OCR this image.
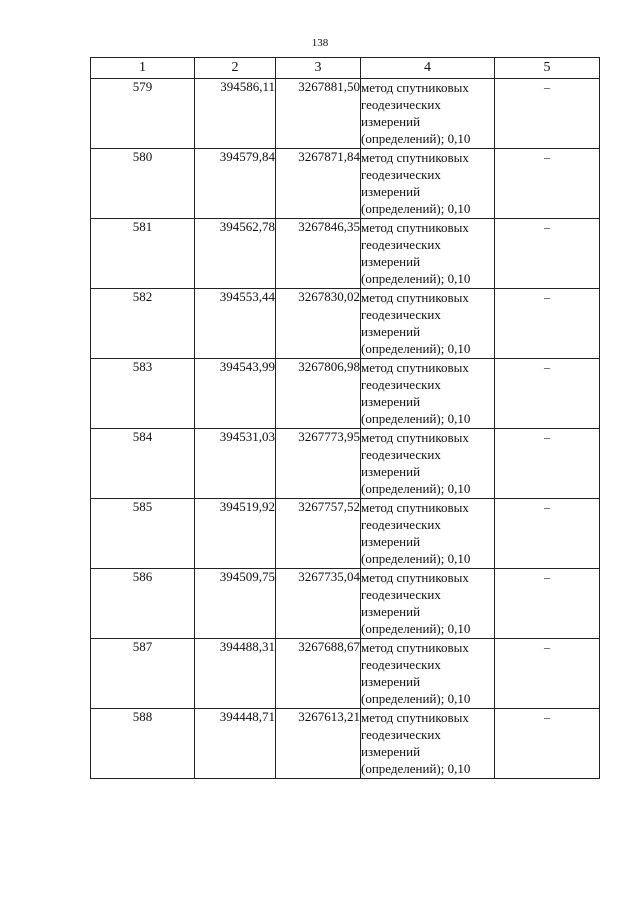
138
1	2	3	4	5
579	394586,11	3267881,50	метод спутниковых геодезических измерений (определений); 0,10	–
580	394579,84	3267871,84	метод спутниковых геодезических измерений (определений); 0,10	–
581	394562,78	3267846,35	метод спутниковых геодезических измерений (определений); 0,10	–
582	394553,44	3267830,02	метод спутниковых геодезических измерений (определений); 0,10	–
583	394543,99	3267806,98	метод спутниковых геодезических измерений (определений); 0,10	–
584	394531,03	3267773,95	метод спутниковых геодезических измерений (определений); 0,10	–
585	394519,92	3267757,52	метод спутниковых геодезических измерений (определений); 0,10	–
586	394509,75	3267735,04	метод спутниковых геодезических измерений (определений); 0,10	–
587	394488,31	3267688,67	метод спутниковых геодезических измерений (определений); 0,10	–
588	394448,71	3267613,21	метод спутниковых геодезических измерений (определений); 0,10	–
